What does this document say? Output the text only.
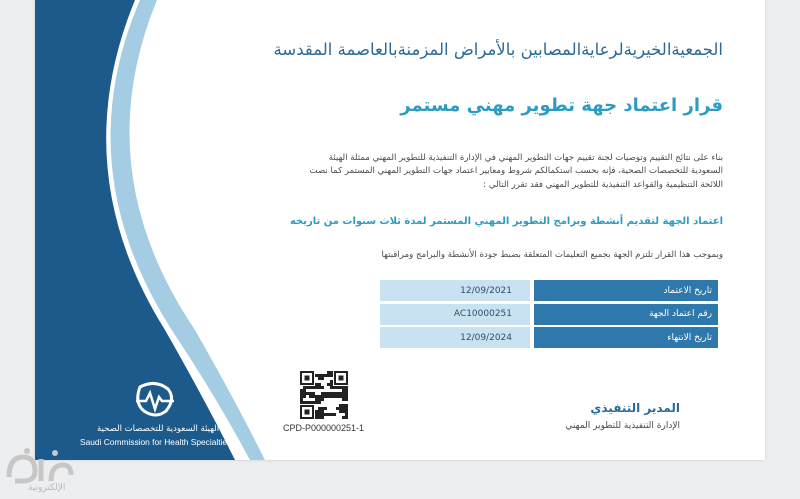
الجمعيةالخيريةلرعايةالمصابين بالأمراض المزمنةبالعاصمة المقدسة
قرار اعتماد جهة تطوير مهني مستمر
بناء على نتائج التقييم وتوصيات لجنة تقييم جهات التطوير المهني في الإدارة التنفيذية للتطوير المهني ممثلة الهيئة السعودية للتخصصات الصحية، فإنه بحسب استكمالكم شروط ومعايير اعتماد جهات التطوير المهني المستمر كما نصت اللائحة التنظيمية والقواعد التنفيذية للتطوير المهني فقد تقرر التالي :
اعتماد الجهة لتقديم أنشطة وبرامج التطوير المهني المستمر لمدة ثلاث سنوات من تاريخه
وبموجب هذا القرار تلتزم الجهة بجميع التعليمات المتعلقة بضبط جودة الأنشطة والبرامج ومراقبتها
12/09/2021	تاريخ الاعتماد
AC10000251	رقم اعتماد الجهة
12/09/2024	تاريخ الانتهاء
CPD-P000000251-1
المدير التنفيذي
الإدارة التنفيذية للتطوير المهني
الهيئة السعودية للتخصصات الصحية
Saudi Commission for Health Specialties
الإلكترونية
